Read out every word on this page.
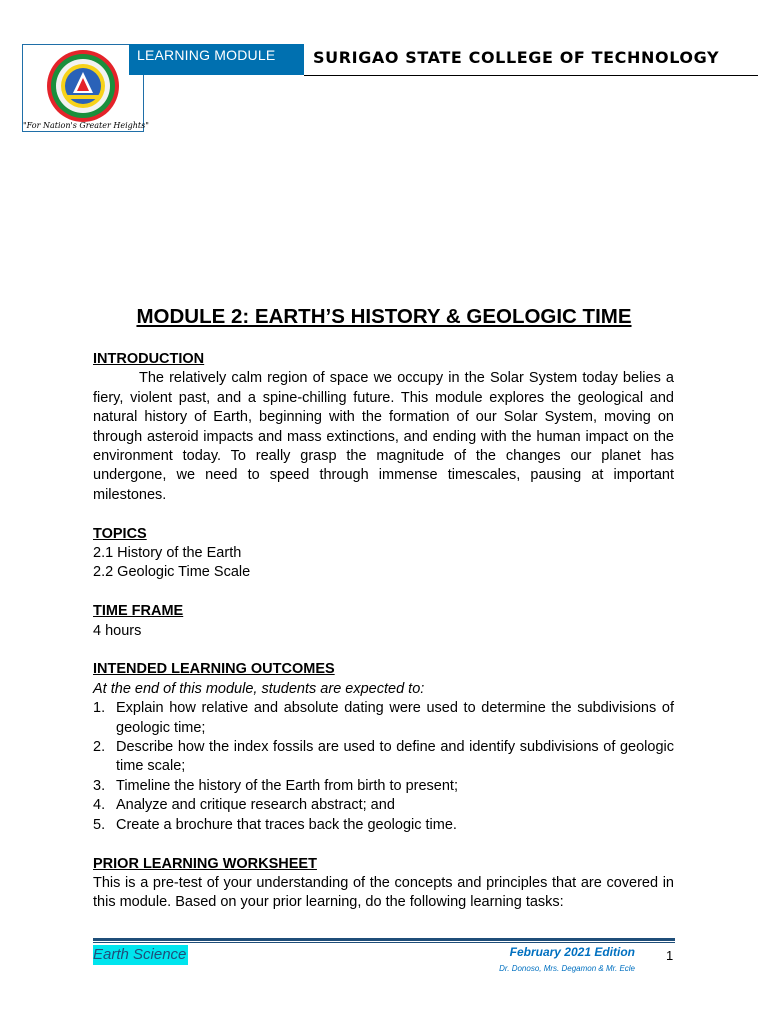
"For Nation's Greater Heights"
LEARNING MODULE	SURIGAO STATE COLLEGE OF TECHNOLOGY
MODULE 2: EARTH’S HISTORY & GEOLOGIC TIME
INTRODUCTION

The relatively calm region of space we occupy in the Solar System today belies a fiery, violent past, and a spine-chilling future. This module explores the geological and natural history of Earth, beginning with the formation of our Solar System, moving on through asteroid impacts and mass extinctions, and ending with the human impact on the environment today. To really grasp the magnitude of the changes our planet has undergone, we need to speed through immense timescales, pausing at important milestones.

TOPICS

2.1 History of the Earth

2.2 Geologic Time Scale

TIME FRAME

4 hours

INTENDED LEARNING OUTCOMES

At the end of this module, students are expected to:

1. Explain how relative and absolute dating were used to determine the subdivisions of geologic time;
2. Describe how the index fossils are used to define and identify subdivisions of geologic time scale;
3. Timeline the history of the Earth from birth to present;
4. Analyze and critique research abstract; and
5. Create a brochure that traces back the geologic time.
PRIOR LEARNING WORKSHEET

This is a pre-test of your understanding of the concepts and principles that are covered in this module. Based on your prior learning, do the following learning tasks:

Earth Science	February 2021 Edition
Dr. Donoso, Mrs. Degamon & Mr. Ecle
1
